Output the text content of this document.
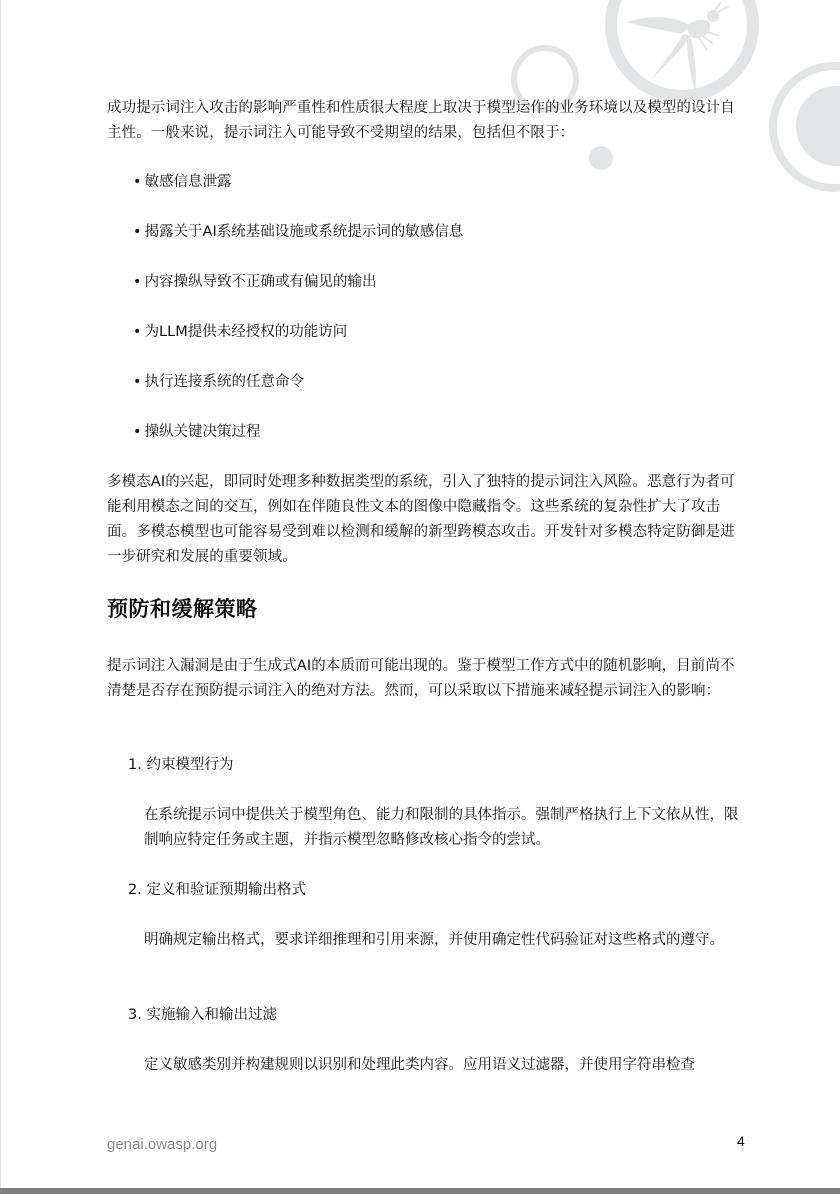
成功提示词注入攻击的影响严重性和性质很大程度上取决于模型运作的业务环境以及模型的设计自主性。一般来说，提示词注入可能导致不受期望的结果，包括但不限于：

• 敏感信息泄露
• 揭露关于AI系统基础设施或系统提示词的敏感信息
• 内容操纵导致不正确或有偏见的输出
• 为LLM提供未经授权的功能访问
• 执行连接系统的任意命令
• 操纵关键决策过程

多模态AI的兴起，即同时处理多种数据类型的系统，引入了独特的提示词注入风险。恶意行为者可能利用模态之间的交互，例如在伴随良性文本的图像中隐藏指令。这些系统的复杂性扩大了攻击面。多模态模型也可能容易受到难以检测和缓解的新型跨模态攻击。开发针对多模态特定防御是进一步研究和发展的重要领域。

预防和缓解策略

提示词注入漏洞是由于生成式AI的本质而可能出现的。鉴于模型工作方式中的随机影响，目前尚不清楚是否存在预防提示词注入的绝对方法。然而，可以采取以下措施来减轻提示词注入的影响：

1. 约束模型行为
在系统提示词中提供关于模型角色、能力和限制的具体指示。强制严格执行上下文依从性，限制响应特定任务或主题，并指示模型忽略修改核心指令的尝试。
2. 定义和验证预期输出格式
明确规定输出格式，要求详细推理和引用来源，并使用确定性代码验证对这些格式的遵守。
3. 实施输入和输出过滤
定义敏感类别并构建规则以识别和处理此类内容。应用语义过滤器，并使用字符串检查
genai.owasp.org	4
